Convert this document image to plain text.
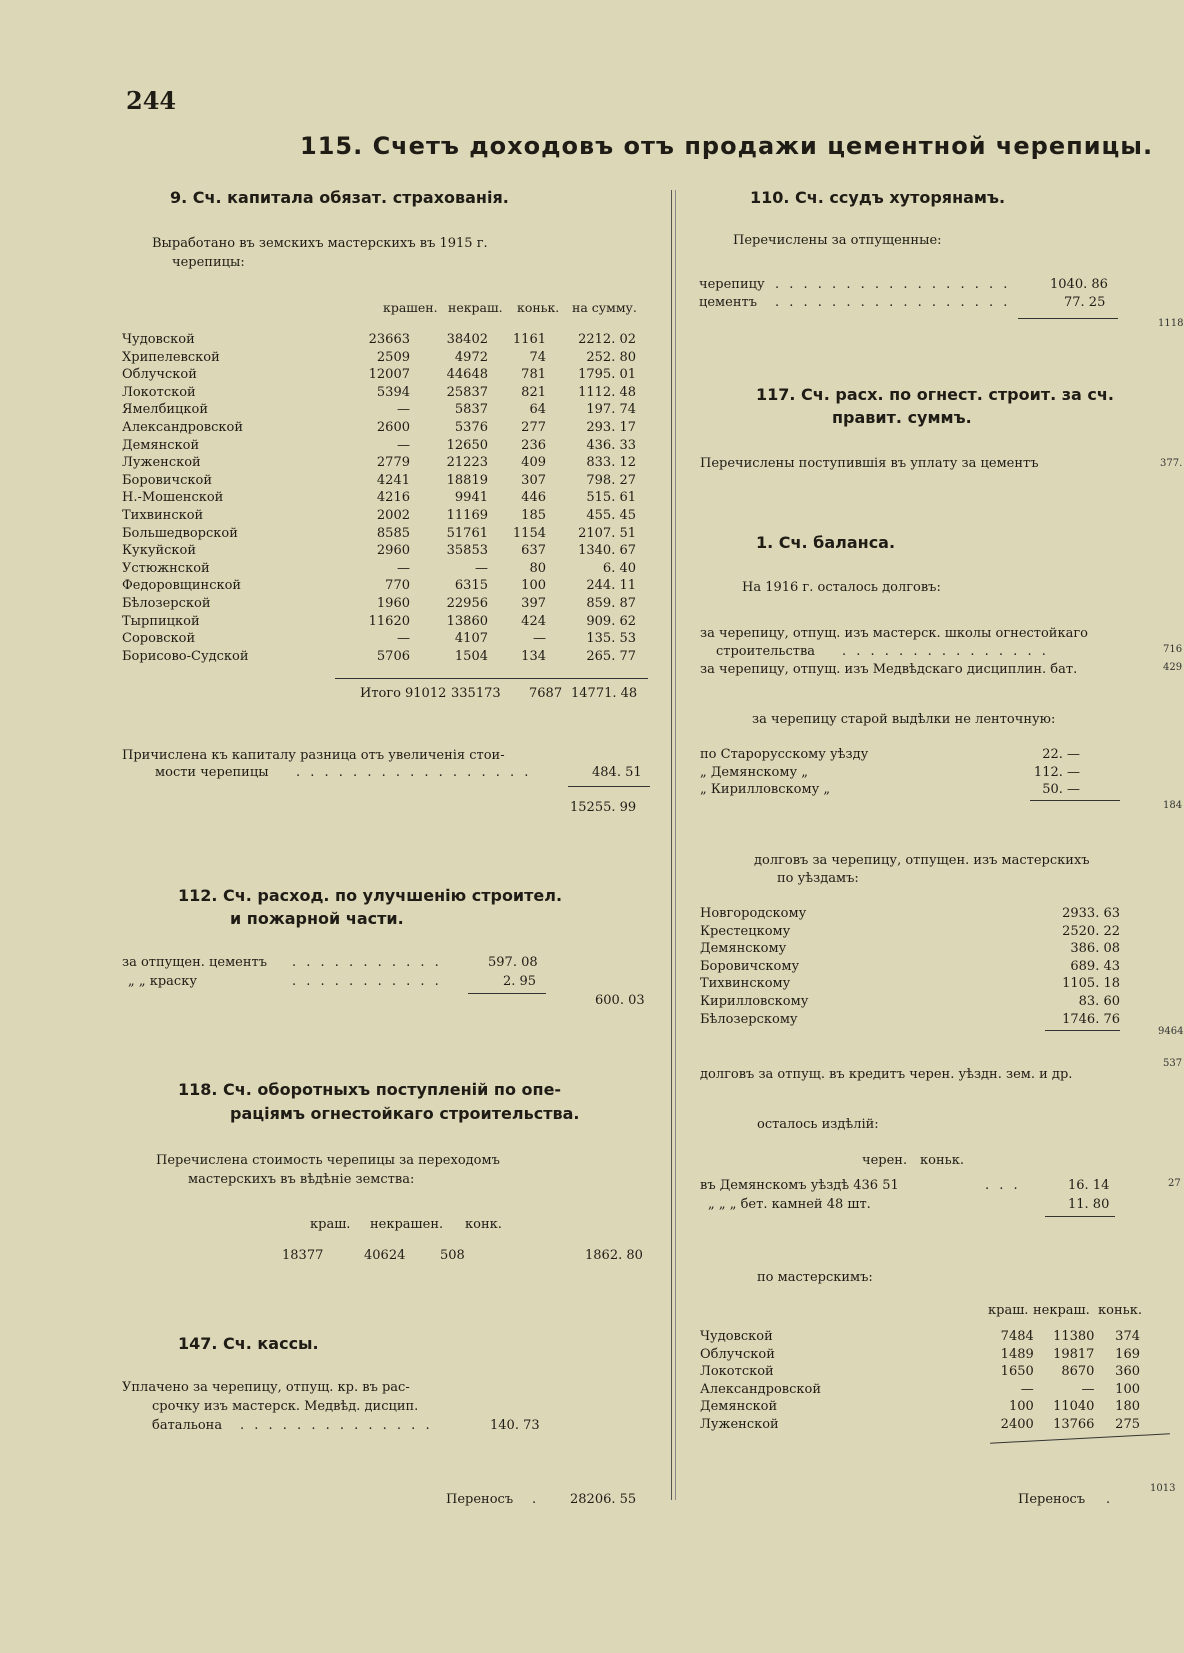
244
115. Счетъ доходовъ отъ продажи цементной черепицы.
9. Сч. капитала обязат. страхованія.
Выработано въ земскихъ мастерскихъ въ 1915 г.
черепицы:
крашен. некраш. коньк. на сумму.
Чудовской	23663	38402	1161	2212. 02
Хрипелевской	2509	4972	74	252. 80
Облучской	12007	44648	781	1795. 01
Локотской	5394	25837	821	1112. 48
Ямелбицкой	—	5837	64	197. 74
Александровской	2600	5376	277	293. 17
Демянской	—	12650	236	436. 33
Луженской	2779	21223	409	833. 12
Боровичской	4241	18819	307	798. 27
Н.-Мошенской	4216	9941	446	515. 61
Тихвинской	2002	11169	185	455. 45
Большедворской	8585	51761	1154	2107. 51
Кукуйской	2960	35853	637	1340. 67
Устюжнской	—	—	80	6. 40
Федоровщинской	770	6315	100	244. 11
Бѣлозерской	1960	22956	397	859. 87
Тырпицкой	11620	13860	424	909. 62
Соровской	—	4107	—	135. 53
Борисово-Судской	5706	1504	134	265. 77
Итого 91012 335173 7687 14771. 48
Причислена къ капиталу разница отъ увеличенія стои-
мости черепицы . . . . . . . . . . . . . . . . .	484. 51
15255. 99
112. Сч. расход. по улучшенію строител.
и пожарной части.
за отпущен. цементъ . . . . . . . . . . .	597. 08
„ „ краску	. . . . . . . . . . .	2. 95
600. 03
118. Сч. оборотныхъ поступленій по опе-
раціямъ огнестойкаго строительства.
Перечислена стоимость черепицы за переходомъ
мастерскихъ въ вѣдѣніе земства:
краш. некрашен. конк.
18377	40624	508	1862. 80
147. Сч. кассы.
Уплачено за черепицу, отпущ. кр. въ рас-
срочку изъ мастерск. Медвѣд. дисцип.
батальона . . . . . . . . . . . . . .	140. 73
Переносъ .	28206. 55
110. Сч. ссудъ хуторянамъ.
Перечислены за отпущенные:
черепицу . . . . . . . . . . . . . . . . .	1040. 86
цементъ . . . . . . . . . . . . . . . . .	77. 25
1118
117. Сч. расх. по огнест. строит. за сч.
правит. суммъ.
Перечислены поступившія въ уплату за цементъ	377.
1. Сч. баланса.
На 1916 г. осталось долговъ:
за черепицу, отпущ. изъ мастерск. школы огнестойкаго
строительства . . . . . . . . . . . . . . .	716
за черепицу, отпущ. изъ Медвѣдскаго дисциплин. бат.	429
за черепицу старой выдѣлки не ленточную:
по Старорусскому уѣзду	22. —
„ Демянскому „	112. —
„ Кирилловскому „	50. —
184
долговъ за черепицу, отпущен. изъ мастерскихъ
по уѣздамъ:
Новгородскому	2933. 63
Крестецкому	2520. 22
Демянскому	386. 08
Боровичскому	689. 43
Тихвинскому	1105. 18
Кирилловскому	83. 60
Бѣлозерскому	1746. 76
9464
долговъ за отпущ. въ кредитъ черен. уѣздн. зем. и др.
537
осталось издѣлій:
черен. коньк.
въ Демянскомъ уѣздѣ 436 51	. . .	16. 14
„ „ „ бет. камней 48 шт.	11. 80
27
по мастерскимъ:
краш. некраш. коньк.
Чудовской	7484	11380	374
Облучской	1489	19817	169
Локотской	1650	8670	360
Александровской	—	—	100
Демянской	100	11040	180
Луженской	2400	13766	275
Переносъ .
1013
